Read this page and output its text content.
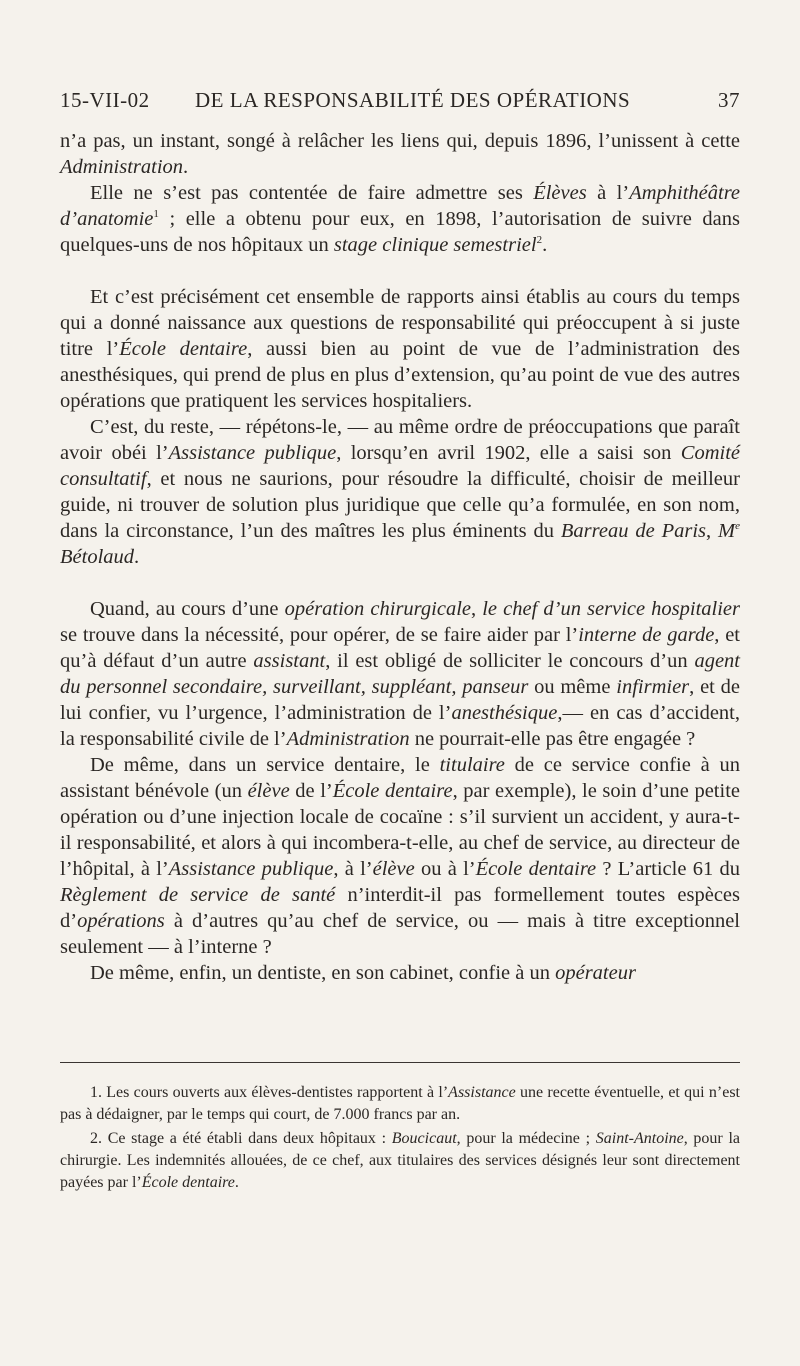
15-VII-02 DE LA RESPONSABILITÉ DES OPÉRATIONS	37

n’a pas, un instant, songé à relâcher les liens qui, depuis 1896, l’unissent à cette Administration.

Elle ne s’est pas contentée de faire admettre ses Élèves à l’Amphithéâtre d’anatomie$^1$ ; elle a obtenu pour eux, en 1898, l’autorisation de suivre dans quelques-uns de nos hôpitaux un stage clinique semestriel$^2$.

Et c’est précisément cet ensemble de rapports ainsi établis au cours du temps qui a donné naissance aux questions de responsabilité qui préoccupent à si juste titre l’École dentaire, aussi bien au point de vue de l’administration des anesthésiques, qui prend de plus en plus d’extension, qu’au point de vue des autres opérations que pratiquent les services hospitaliers.

C’est, du reste, — répétons-le, — au même ordre de préoccupations que paraît avoir obéi l’Assistance publique, lorsqu’en avril 1902, elle a saisi son Comité consultatif, et nous ne saurions, pour résoudre la difficulté, choisir de meilleur guide, ni trouver de solution plus juridique que celle qu’a formulée, en son nom, dans la circonstance, l’un des maîtres les plus éminents du Barreau de Paris, Me Bétolaud.

Quand, au cours d’une opération chirurgicale, le chef d’un service hospitalier se trouve dans la nécessité, pour opérer, de se faire aider par l’interne de garde, et qu’à défaut d’un autre assistant, il est obligé de solliciter le concours d’un agent du personnel secondaire, surveillant, suppléant, panseur ou même infirmier, et de lui confier, vu l’urgence, l’administration de l’anesthésique,— en cas d’accident, la responsabilité civile de l’Administration ne pourrait-elle pas être engagée ?

De même, dans un service dentaire, le titulaire de ce service confie à un assistant bénévole (un élève de l’École dentaire, par exemple), le soin d’une petite opération ou d’une injection locale de cocaïne : s’il survient un accident, y aura-t-il responsabilité, et alors à qui incombera-t-elle, au chef de service, au directeur de l’hôpital, à l’Assistance publique, à l’élève ou à l’École dentaire ? L’article 61 du Règlement de service de santé n’interdit-il pas formellement toutes espèces d’opérations à d’autres qu’au chef de service, ou — mais à titre exceptionnel seulement — à l’interne ?

De même, enfin, un dentiste, en son cabinet, confie à un opérateur

1. Les cours ouverts aux élèves-dentistes rapportent à l’Assistance une recette éventuelle, et qui n’est pas à dédaigner, par le temps qui court, de 7.000 francs par an.

2. Ce stage a été établi dans deux hôpitaux : Boucicaut, pour la médecine ; Saint-Antoine, pour la chirurgie. Les indemnités allouées, de ce chef, aux titulaires des services désignés leur sont directement payées par l’École dentaire.
